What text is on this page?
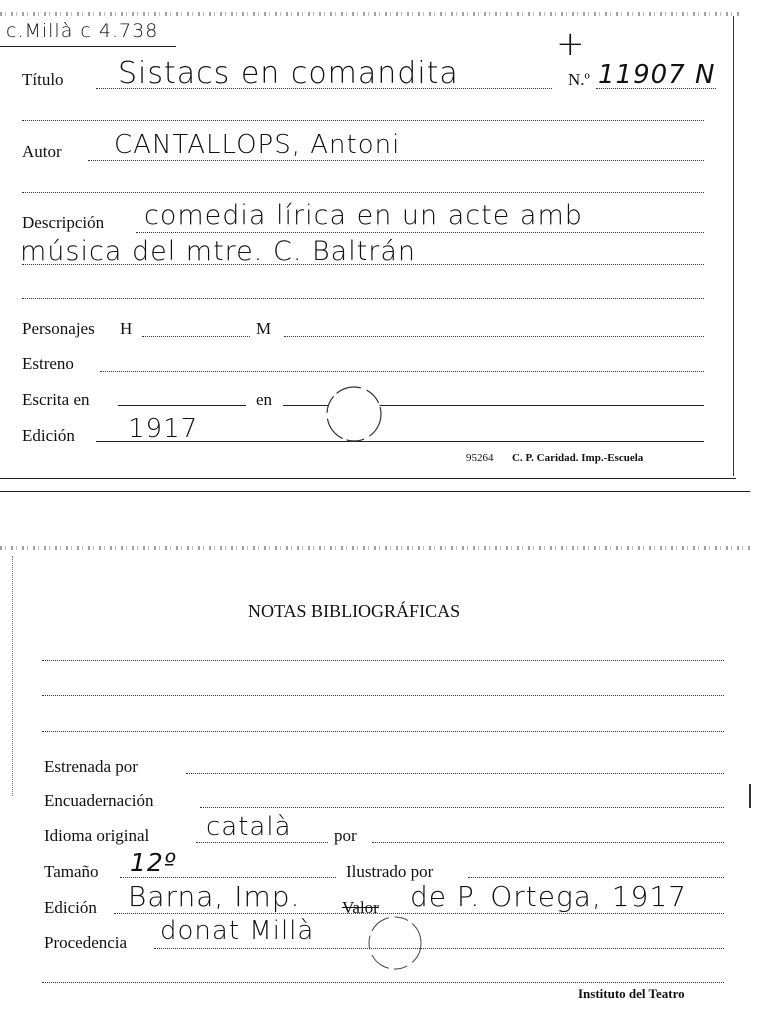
c.Millà c 4.738	+
Título Sistacs en comandita	N.º 11907 N
Autor CANTALLOPS, Antoni
Descripción comedia lírica en un acte amb
música del mtre. C. Baltrán
Personajes H	M
Estreno
Escrita en	en
Edición 1917
95264 C. P. Caridad. Imp.-Escuela
NOTAS BIBLIOGRÁFICAS
Estrenada por
Encuadernación
Idioma original català por
Tamaño 12º	Ilustrado por
Edición Barna, Imp. Valor de P. Ortega, 1917
Procedencia donat Millà
Instituto del Teatro
